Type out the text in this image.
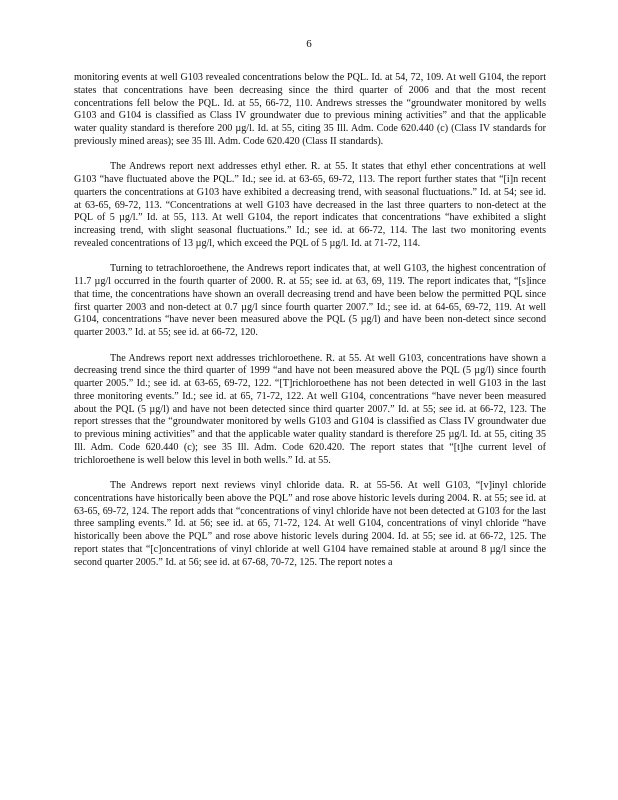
6

monitoring events at well G103 revealed concentrations below the PQL. Id. at 54, 72, 109. At well G104, the report states that concentrations have been decreasing since the third quarter of 2006 and that the most recent concentrations fell below the PQL. Id. at 55, 66-72, 110. Andrews stresses the “groundwater monitored by wells G103 and G104 is classified as Class IV groundwater due to previous mining activities” and that the applicable water quality standard is therefore 200 µg/l. Id. at 55, citing 35 Ill. Adm. Code 620.440 (c) (Class IV standards for previously mined areas); see 35 Ill. Adm. Code 620.420 (Class II standards).

The Andrews report next addresses ethyl ether. R. at 55. It states that ethyl ether concentrations at well G103 “have fluctuated above the PQL.” Id.; see id. at 63-65, 69-72, 113. The report further states that “[i]n recent quarters the concentrations at G103 have exhibited a decreasing trend, with seasonal fluctuations.” Id. at 54; see id. at 63-65, 69-72, 113. “Concentrations at well G103 have decreased in the last three quarters to non-detect at the PQL of 5 µg/l.” Id. at 55, 113. At well G104, the report indicates that concentrations “have exhibited a slight increasing trend, with slight seasonal fluctuations.” Id.; see id. at 66-72, 114. The last two monitoring events revealed concentrations of 13 µg/l, which exceed the PQL of 5 µg/l. Id. at 71-72, 114.

Turning to tetrachloroethene, the Andrews report indicates that, at well G103, the highest concentration of 11.7 µg/l occurred in the fourth quarter of 2000. R. at 55; see id. at 63, 69, 119. The report indicates that, “[s]ince that time, the concentrations have shown an overall decreasing trend and have been below the permitted PQL since first quarter 2003 and non-detect at 0.7 µg/l since fourth quarter 2007.” Id.; see id. at 64-65, 69-72, 119. At well G104, concentrations “have never been measured above the PQL (5 µg/l) and have been non-detect since second quarter 2003.” Id. at 55; see id. at 66-72, 120.

The Andrews report next addresses trichloroethene. R. at 55. At well G103, concentrations have shown a decreasing trend since the third quarter of 1999 “and have not been measured above the PQL (5 µg/l) since fourth quarter 2005.” Id.; see id. at 63-65, 69-72, 122. “[T]richloroethene has not been detected in well G103 in the last three monitoring events.” Id.; see id. at 65, 71-72, 122. At well G104, concentrations “have never been measured about the PQL (5 µg/l) and have not been detected since third quarter 2007.” Id. at 55; see id. at 66-72, 123. The report stresses that the “groundwater monitored by wells G103 and G104 is classified as Class IV groundwater due to previous mining activities” and that the applicable water quality standard is therefore 25 µg/l. Id. at 55, citing 35 Ill. Adm. Code 620.440 (c); see 35 Ill. Adm. Code 620.420. The report states that “[t]he current level of trichloroethene is well below this level in both wells.” Id. at 55.

The Andrews report next reviews vinyl chloride data. R. at 55-56. At well G103, “[v]inyl chloride concentrations have historically been above the PQL” and rose above historic levels during 2004. R. at 55; see id. at 63-65, 69-72, 124. The report adds that “concentrations of vinyl chloride have not been detected at G103 for the last three sampling events.” Id. at 56; see id. at 65, 71-72, 124. At well G104, concentrations of vinyl chloride “have historically been above the PQL” and rose above historic levels during 2004. Id. at 55; see id. at 66-72, 125. The report states that “[c]oncentrations of vinyl chloride at well G104 have remained stable at around 8 µg/l since the second quarter 2005.” Id. at 56; see id. at 67-68, 70-72, 125. The report notes a
